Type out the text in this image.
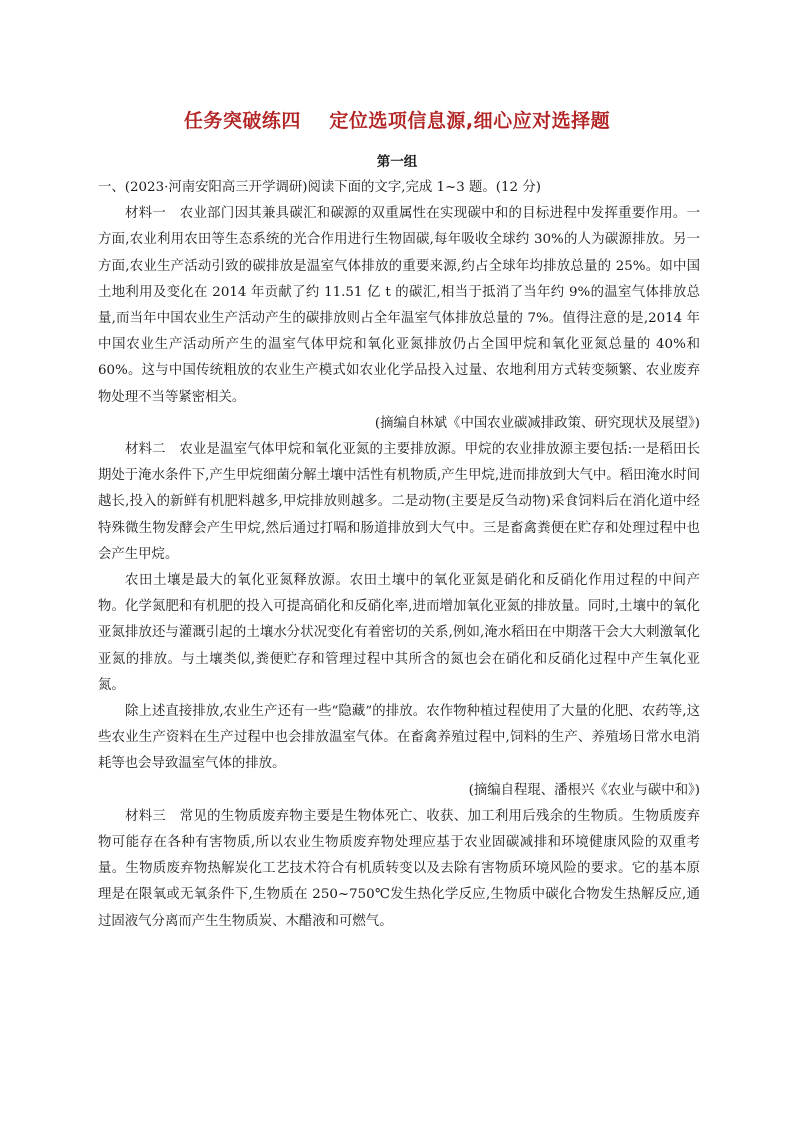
任务突破练四    定位选项信息源,细心应对选择题
第一组

一、(2023·河南安阳高三开学调研)阅读下面的文字,完成 1~3 题。(12 分)

材料一　农业部门因其兼具碳汇和碳源的双重属性在实现碳中和的目标进程中发挥重要作用。一方面,农业利用农田等生态系统的光合作用进行生物固碳,每年吸收全球约 30%的人为碳源排放。另一方面,农业生产活动引致的碳排放是温室气体排放的重要来源,约占全球年均排放总量的 25%。如中国土地利用及变化在 2014 年贡献了约 11.51 亿 t 的碳汇,相当于抵消了当年约 9%的温室气体排放总量,而当年中国农业生产活动产生的碳排放则占全年温室气体排放总量的 7%。值得注意的是,2014 年中国农业生产活动所产生的温室气体甲烷和氧化亚氮排放仍占全国甲烷和氧化亚氮总量的 40%和 60%。这与中国传统粗放的农业生产模式如农业化学品投入过量、农地利用方式转变频繁、农业废弃物处理不当等紧密相关。

(摘编自林斌《中国农业碳减排政策、研究现状及展望》)

材料二　农业是温室气体甲烷和氧化亚氮的主要排放源。甲烷的农业排放源主要包括:一是稻田长期处于淹水条件下,产生甲烷细菌分解土壤中活性有机物质,产生甲烷,进而排放到大气中。稻田淹水时间越长,投入的新鲜有机肥料越多,甲烷排放则越多。二是动物(主要是反刍动物)采食饲料后在消化道中经特殊微生物发酵会产生甲烷,然后通过打嗝和肠道排放到大气中。三是畜禽粪便在贮存和处理过程中也会产生甲烷。

农田土壤是最大的氧化亚氮释放源。农田土壤中的氧化亚氮是硝化和反硝化作用过程的中间产物。化学氮肥和有机肥的投入可提高硝化和反硝化率,进而增加氧化亚氮的排放量。同时,土壤中的氧化亚氮排放还与灌溉引起的土壤水分状况变化有着密切的关系,例如,淹水稻田在中期落干会大大刺激氧化亚氮的排放。与土壤类似,粪便贮存和管理过程中其所含的氮也会在硝化和反硝化过程中产生氧化亚氮。

除上述直接排放,农业生产还有一些“隐藏”的排放。农作物种植过程使用了大量的化肥、农药等,这些农业生产资料在生产过程中也会排放温室气体。在畜禽养殖过程中,饲料的生产、养殖场日常水电消耗等也会导致温室气体的排放。

(摘编自程琨、潘根兴《农业与碳中和》)

材料三　常见的生物质废弃物主要是生物体死亡、收获、加工利用后残余的生物质。生物质废弃物可能存在各种有害物质,所以农业生物质废弃物处理应基于农业固碳减排和环境健康风险的双重考量。生物质废弃物热解炭化工艺技术符合有机质转变以及去除有害物质环境风险的要求。它的基本原理是在限氧或无氧条件下,生物质在 250~750℃发生热化学反应,生物质中碳化合物发生热解反应,通过固液气分离而产生生物质炭、木醋液和可燃气。
